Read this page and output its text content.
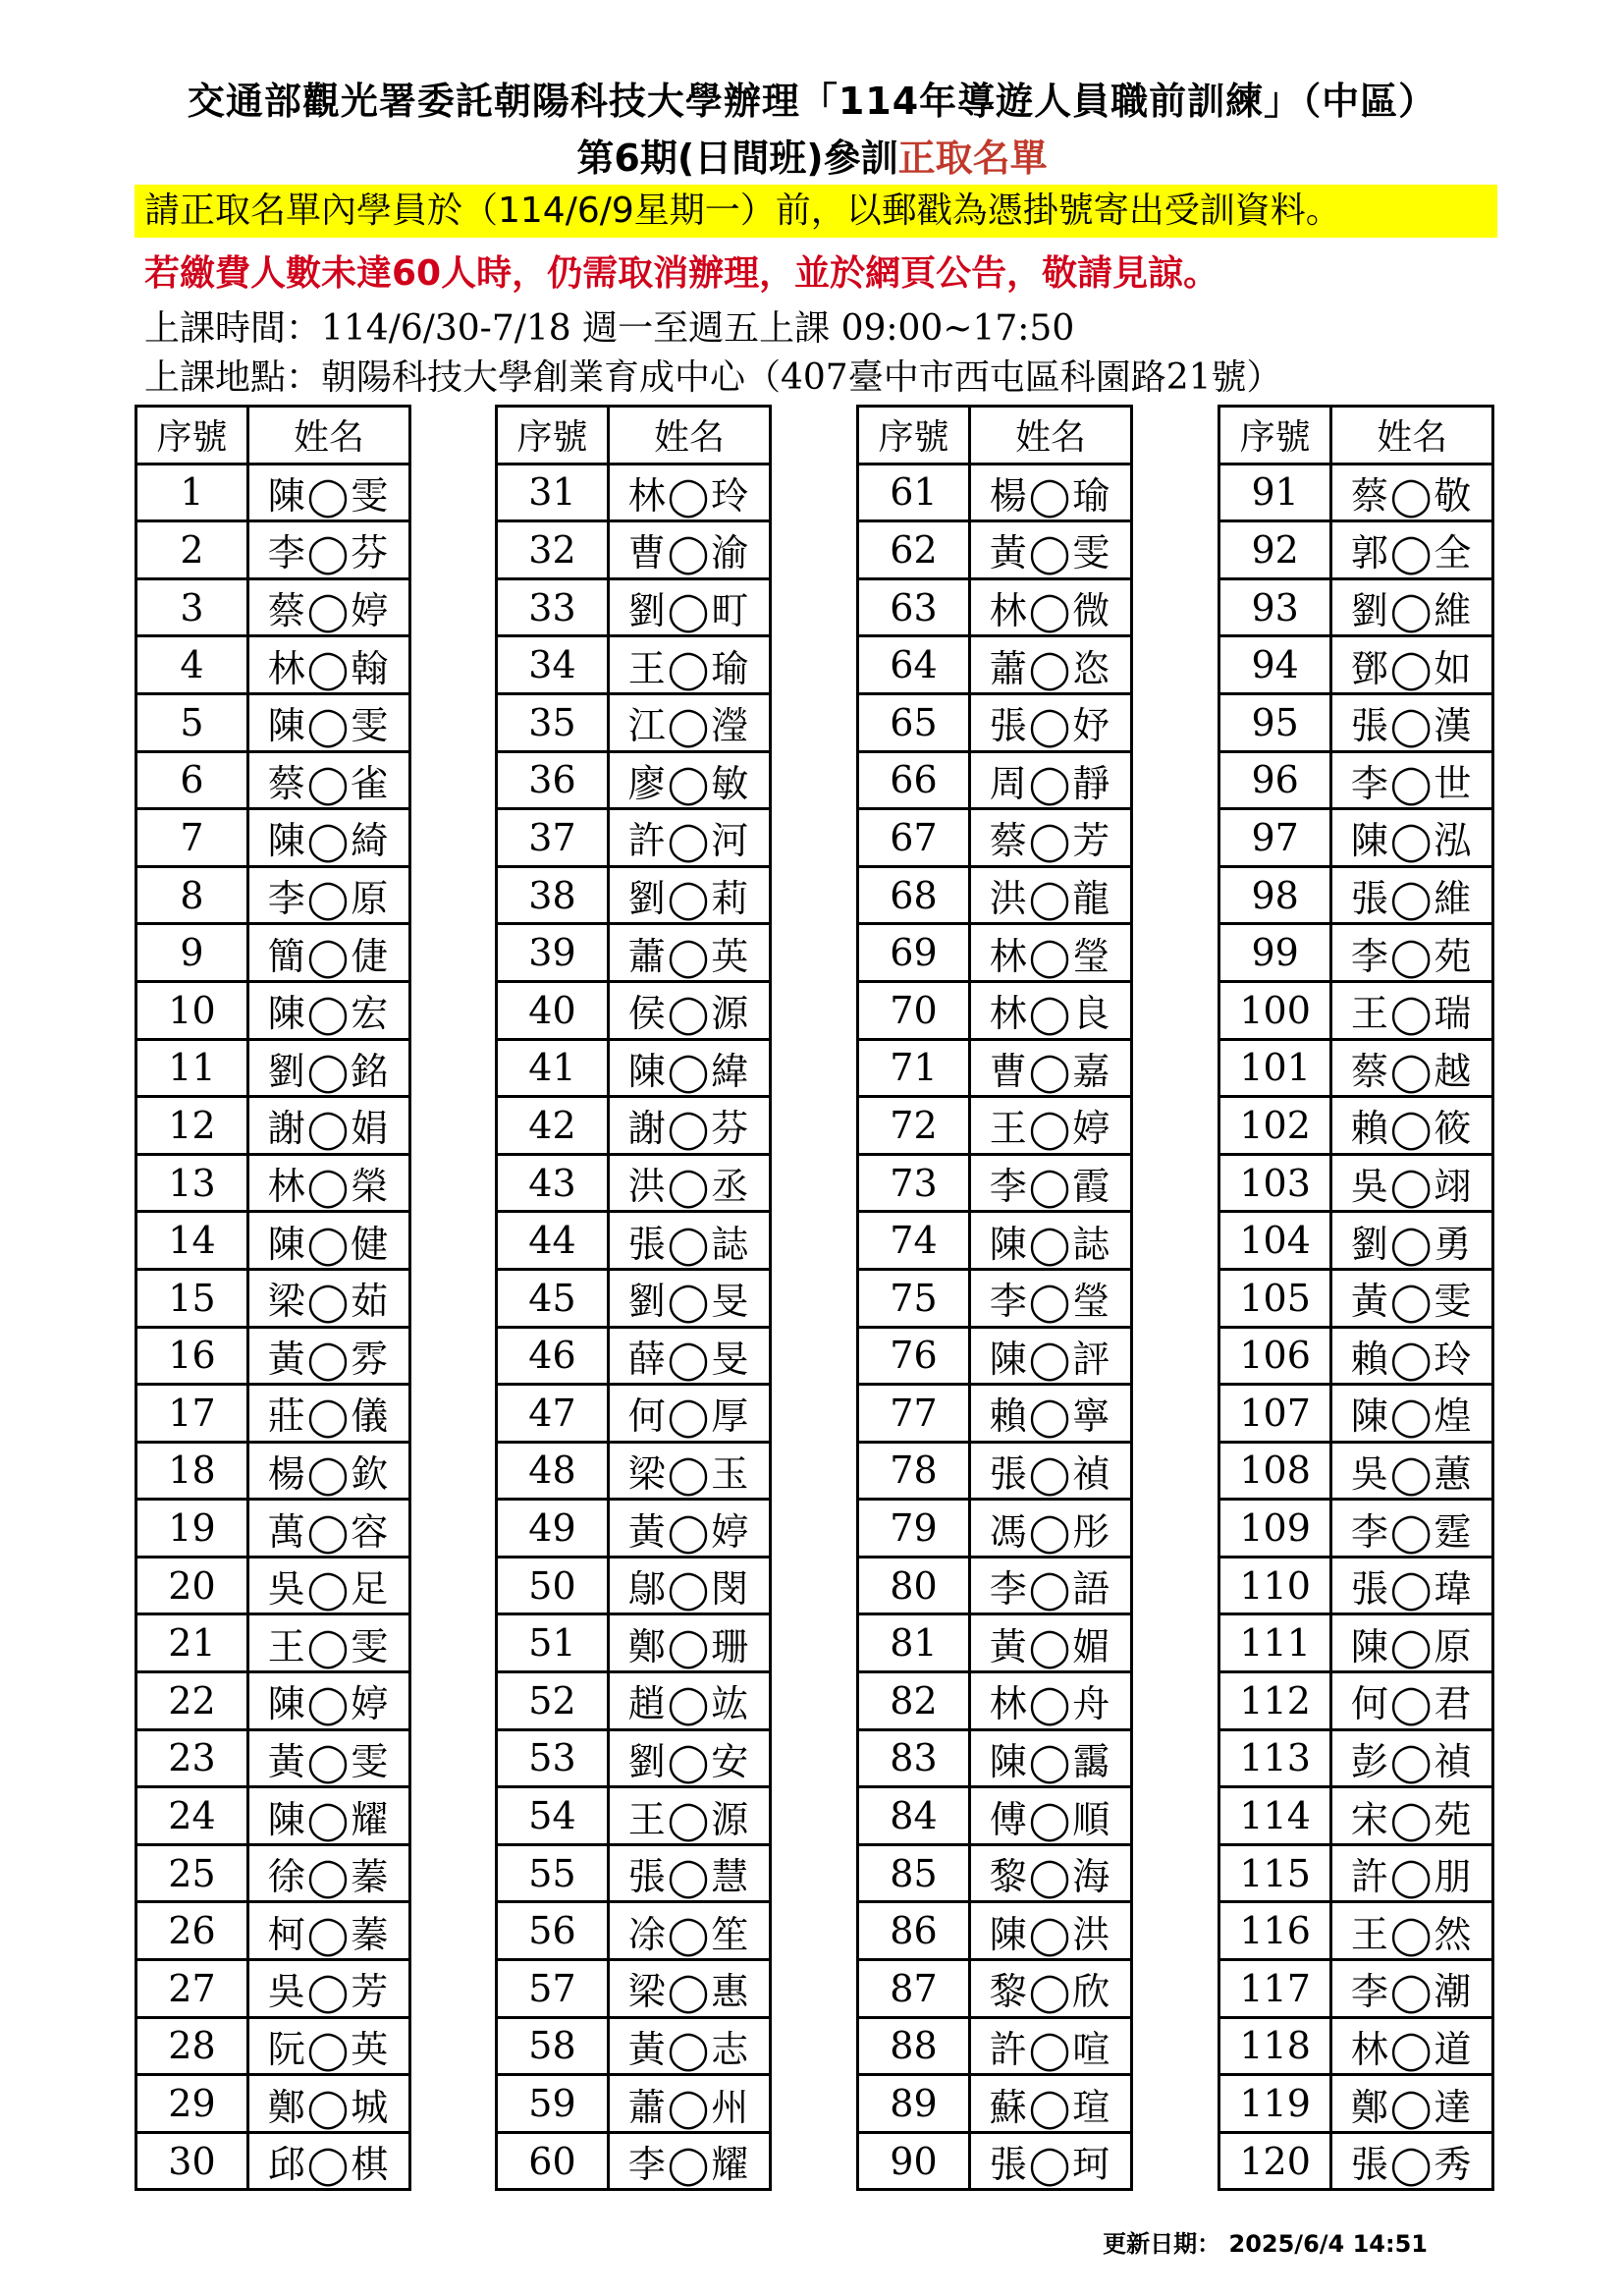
交通部觀光署委託朝陽科技大學辦理「114年導遊人員職前訓練」（中區）
第6期(日間班)參訓正取名單
請正取名單內學員於（114/6/9星期一）前，以郵戳為憑掛號寄出受訓資料。
若繳費人數未達60人時，仍需取消辦理，並於網頁公告，敬請見諒。
上課時間：114/6/30-7/18 週一至週五上課 09:00~17:50
上課地點：朝陽科技大學創業育成中心（407臺中市西屯區科園路21號）
序號	姓名
1	陳◯雯
2	李◯芬
3	蔡◯婷
4	林◯翰
5	陳◯雯
6	蔡◯雀
7	陳◯綺
8	李◯原
9	簡◯倢
10	陳◯宏
11	劉◯銘
12	謝◯娟
13	林◯榮
14	陳◯健
15	梁◯茹
16	黃◯雰
17	莊◯儀
18	楊◯欽
19	萬◯容
20	吳◯足
21	王◯雯
22	陳◯婷
23	黃◯雯
24	陳◯耀
25	徐◯蓁
26	柯◯蓁
27	吳◯芳
28	阮◯英
29	鄭◯城
30	邱◯棋
序號	姓名
31	林◯玲
32	曹◯渝
33	劉◯町
34	王◯瑜
35	江◯瀅
36	廖◯敏
37	許◯河
38	劉◯莉
39	蕭◯英
40	侯◯源
41	陳◯緯
42	謝◯芬
43	洪◯丞
44	張◯誌
45	劉◯旻
46	薛◯旻
47	何◯厚
48	梁◯玉
49	黃◯婷
50	鄔◯閔
51	鄭◯珊
52	趙◯竑
53	劉◯安
54	王◯源
55	張◯慧
56	凃◯笙
57	梁◯惠
58	黃◯志
59	蕭◯州
60	李◯耀
序號	姓名
61	楊◯瑜
62	黃◯雯
63	林◯微
64	蕭◯恣
65	張◯妤
66	周◯靜
67	蔡◯芳
68	洪◯龍
69	林◯瑩
70	林◯良
71	曹◯嘉
72	王◯婷
73	李◯霞
74	陳◯誌
75	李◯瑩
76	陳◯評
77	賴◯寧
78	張◯禎
79	馮◯彤
80	李◯語
81	黃◯媚
82	林◯舟
83	陳◯靄
84	傅◯順
85	黎◯海
86	陳◯洪
87	黎◯欣
88	許◯喧
89	蘇◯瑄
90	張◯珂
序號	姓名
91	蔡◯敬
92	郭◯全
93	劉◯維
94	鄧◯如
95	張◯漢
96	李◯世
97	陳◯泓
98	張◯維
99	李◯苑
100	王◯瑞
101	蔡◯越
102	賴◯筱
103	吳◯翊
104	劉◯勇
105	黃◯雯
106	賴◯玲
107	陳◯煌
108	吳◯蕙
109	李◯霆
110	張◯瑋
111	陳◯原
112	何◯君
113	彭◯禎
114	宋◯苑
115	許◯朋
116	王◯然
117	李◯潮
118	林◯道
119	鄭◯達
120	張◯秀
更新日期： 2025/6/4 14:51
